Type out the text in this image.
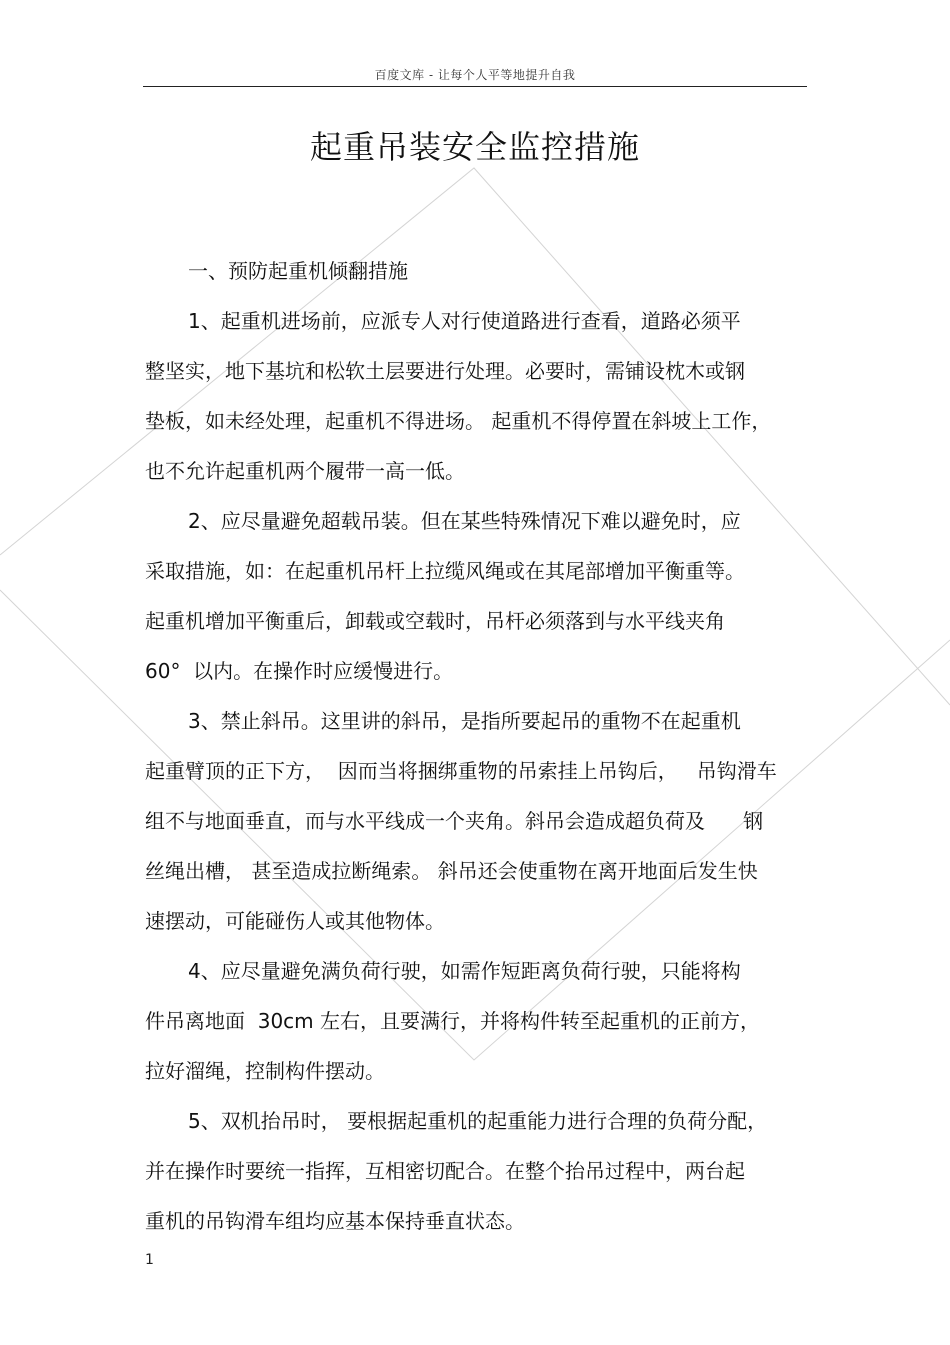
百度文库 - 让每个人平等地提升自我
起重吊装安全监控措施
一、预防起重机倾翻措施
1、起重机进场前，应派专人对行使道路进行查看，道路必须平
整坚实，地下基坑和松软土层要进行处理。必要时，需铺设枕木或钢
垫板，如未经处理，起重机不得进场。 起重机不得停置在斜坡上工作，
也不允许起重机两个履带一高一低。
2、应尽量避免超载吊装。但在某些特殊情况下难以避免时，应
采取措施，如：在起重机吊杆上拉缆风绳或在其尾部增加平衡重等。
起重机增加平衡重后，卸载或空载时，吊杆必须落到与水平线夹角
60°  以内。在操作时应缓慢进行。
3、禁止斜吊。这里讲的斜吊，是指所要起吊的重物不在起重机
起重臂顶的正下方，  因而当将捆绑重物的吊索挂上吊钩后，   吊钩滑车
组不与地面垂直，而与水平线成一个夹角。斜吊会造成超负荷及      钢
丝绳出槽， 甚至造成拉断绳索。 斜吊还会使重物在离开地面后发生快
速摆动，可能碰伤人或其他物体。
4、应尽量避免满负荷行驶，如需作短距离负荷行驶，只能将构
件吊离地面  30cm 左右，且要满行，并将构件转至起重机的正前方，
拉好溜绳，控制构件摆动。
5、双机抬吊时， 要根据起重机的起重能力进行合理的负荷分配，
并在操作时要统一指挥，互相密切配合。在整个抬吊过程中，两台起
重机的吊钩滑车组均应基本保持垂直状态。
1
